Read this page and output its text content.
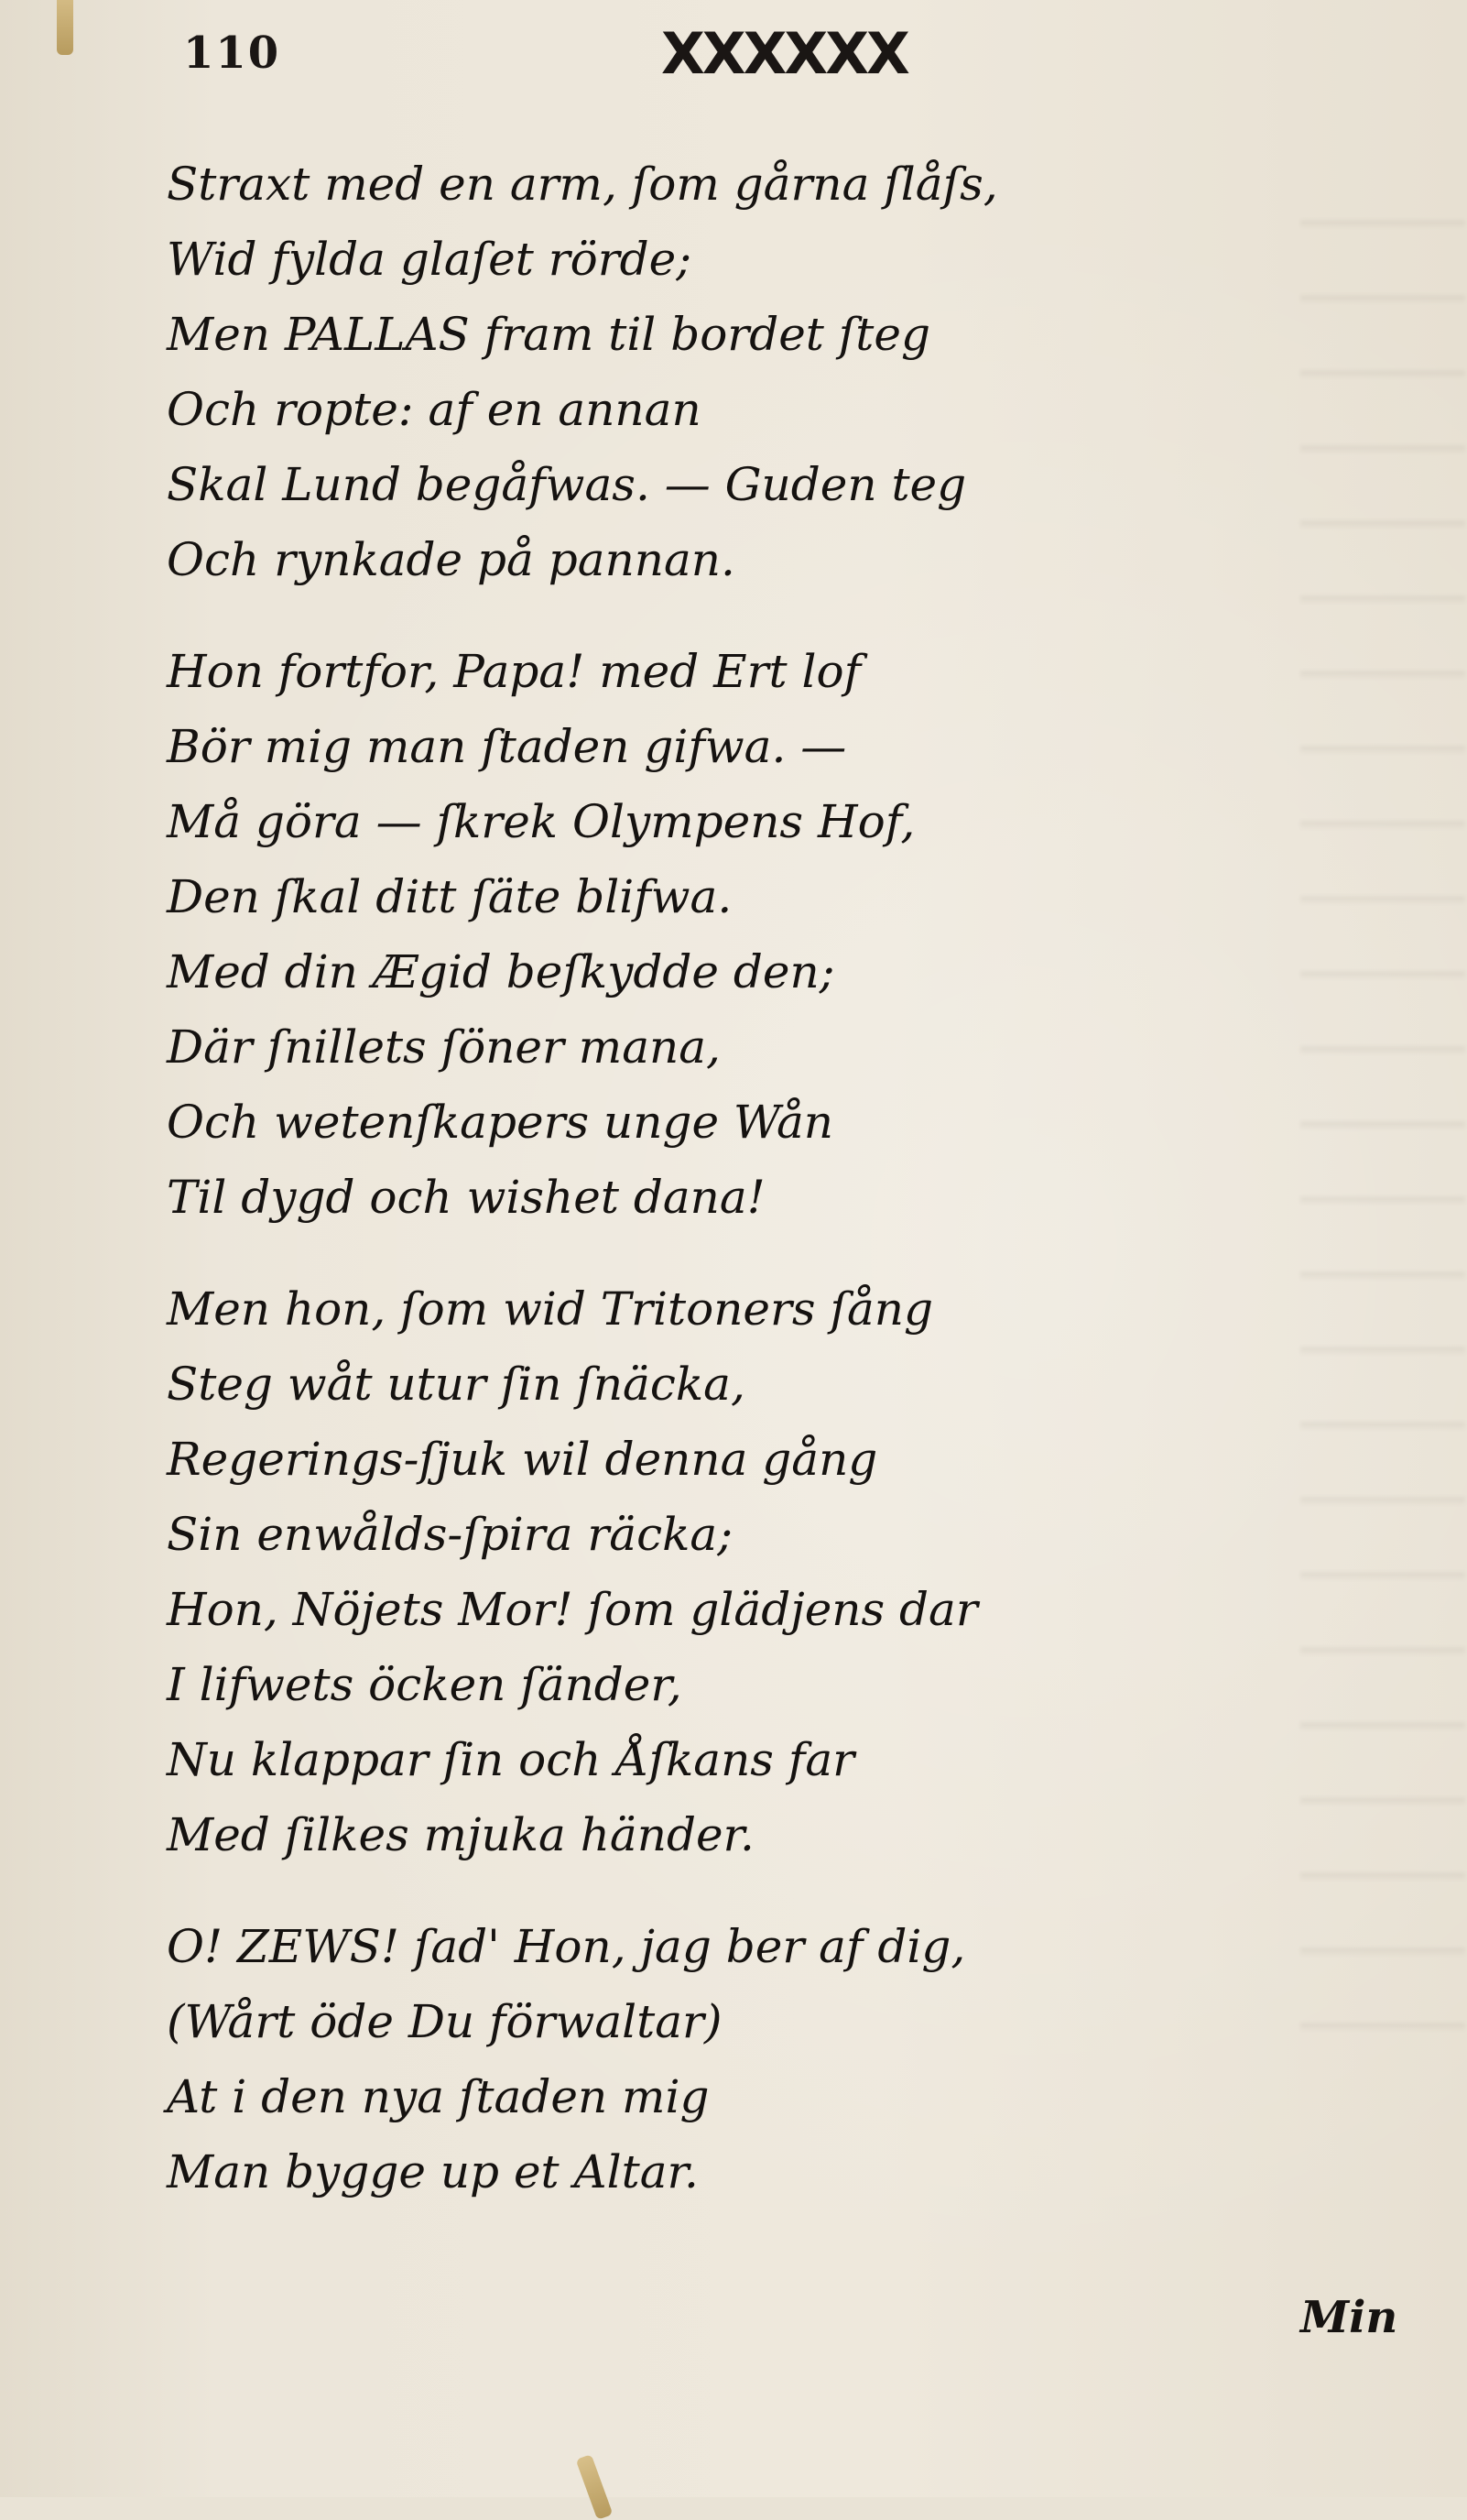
110	XXXXXX
Straxt med en arm, ſom gårna ſlåſs,
Wid fylda glaſet rörde;
Men PALLAS fram til bordet ſteg
Och ropte: af en annan
Skal Lund begåfwas. — Guden teg
Och rynkade på pannan.
Hon fortfor, Papa! med Ert lof
Bör mig man ſtaden gifwa. —
Må göra — ſkrek Olympens Hof,
Den ſkal ditt ſäte blifwa.
Med din Ægid beſkydde den;
Där ſnillets ſöner mana,
Och wetenſkapers unge Wån
Til dygd och wishet dana!
Men hon, ſom wid Tritoners ſång
Steg wåt utur ſin ſnäcka,
Regerings-ſjuk wil denna gång
Sin enwålds-ſpira räcka;
Hon, Nöjets Mor! ſom glädjens dar
I lifwets öcken ſänder,
Nu klappar ſin och Åſkans far
Med ſilkes mjuka händer.
O! ZEWS! ſad' Hon, jag ber af dig,
(Wårt öde Du förwaltar)
At i den nya ſtaden mig
Man bygge up et Altar.
Min
